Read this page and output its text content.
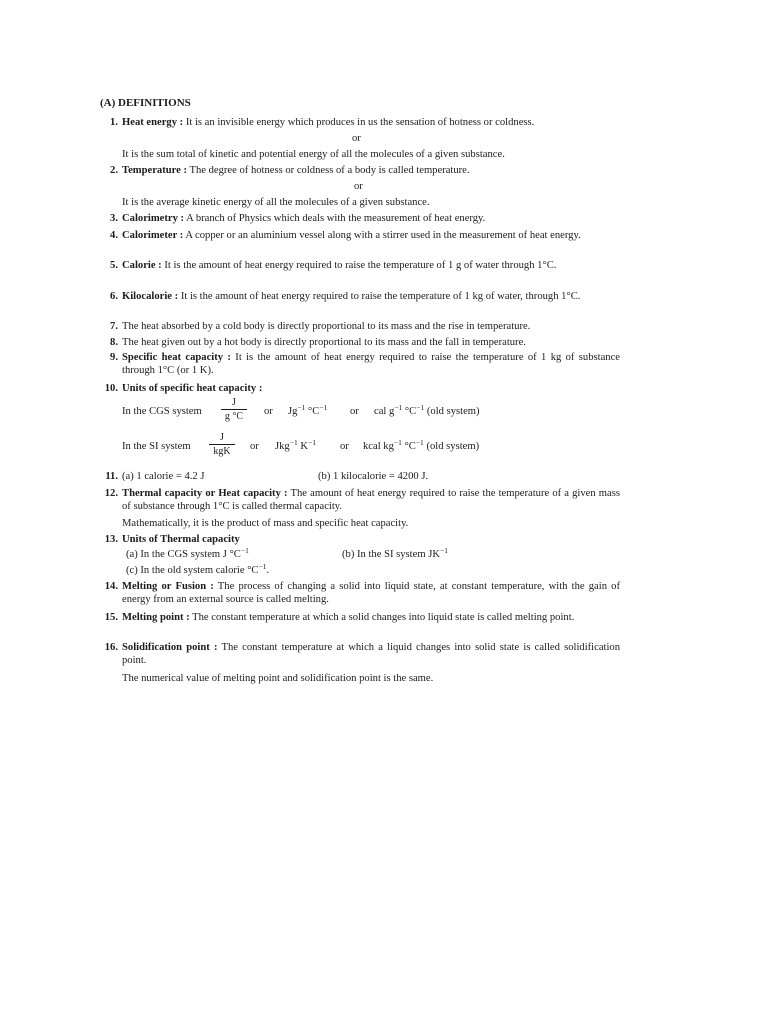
(A) DEFINITIONS
1. Heat energy : It is an invisible energy which produces in us the sensation of hotness or coldness.
or
It is the sum total of kinetic and potential energy of all the molecules of a given substance.
2. Temperature : The degree of hotness or coldness of a body is called temperature.
or
It is the average kinetic energy of all the molecules of a given substance.
3. Calorimetry : A branch of Physics which deals with the measurement of heat energy.
4. Calorimeter : A copper or an aluminium vessel along with a stirrer used in the measurement of heat energy.
5. Calorie : It is the amount of heat energy required to raise the temperature of 1 g of water through 1°C.
6. Kilocalorie : It is the amount of heat energy required to raise the temperature of 1 kg of water, through 1°C.
7. The heat absorbed by a cold body is directly proportional to its mass and the rise in temperature.
8. The heat given out by a hot body is directly proportional to its mass and the fall in temperature.
9. Specific heat capacity : It is the amount of heat energy required to raise the temperature of 1 kg of substance through 1°C (or 1 K).
10. Units of specific heat capacity :
In the CGS system
J
g °C	or $Jg^{-1}$ $^\circ C^{-1}$ or cal $g^{-1}$ $^\circ C^{-1}$ (old system)
In the SI system
J
kgK	or Jkg$^{-1}$ $K^{-1}$ or kcal $kg^{-1}$ $^\circ C^{-1}$ (old system)
11. (a) 1 calorie = 4.2 J	(b) 1 kilocalorie = 4200 J.
12. Thermal capacity or Heat capacity : The amount of heat energy required to raise the temperature of a given mass of substance through 1°C is called thermal capacity.
Mathematically, it is the product of mass and specific heat capacity.
13. Units of Thermal capacity
(a) In the CGS system J $^\circ C^{-1}$	(b) In the SI system $JK^{-1}$
(c) In the old system calorie $^\circ C^{-1}$.
14. Melting or Fusion : The process of changing a solid into liquid state, at constant temperature, with the gain of energy from an external source is called melting.
15. Melting point : The constant temperature at which a solid changes into liquid state is called melting point.
16. Solidification point : The constant temperature at which a liquid changes into solid state is called solidification point.
The numerical value of melting point and solidification point is the same.
